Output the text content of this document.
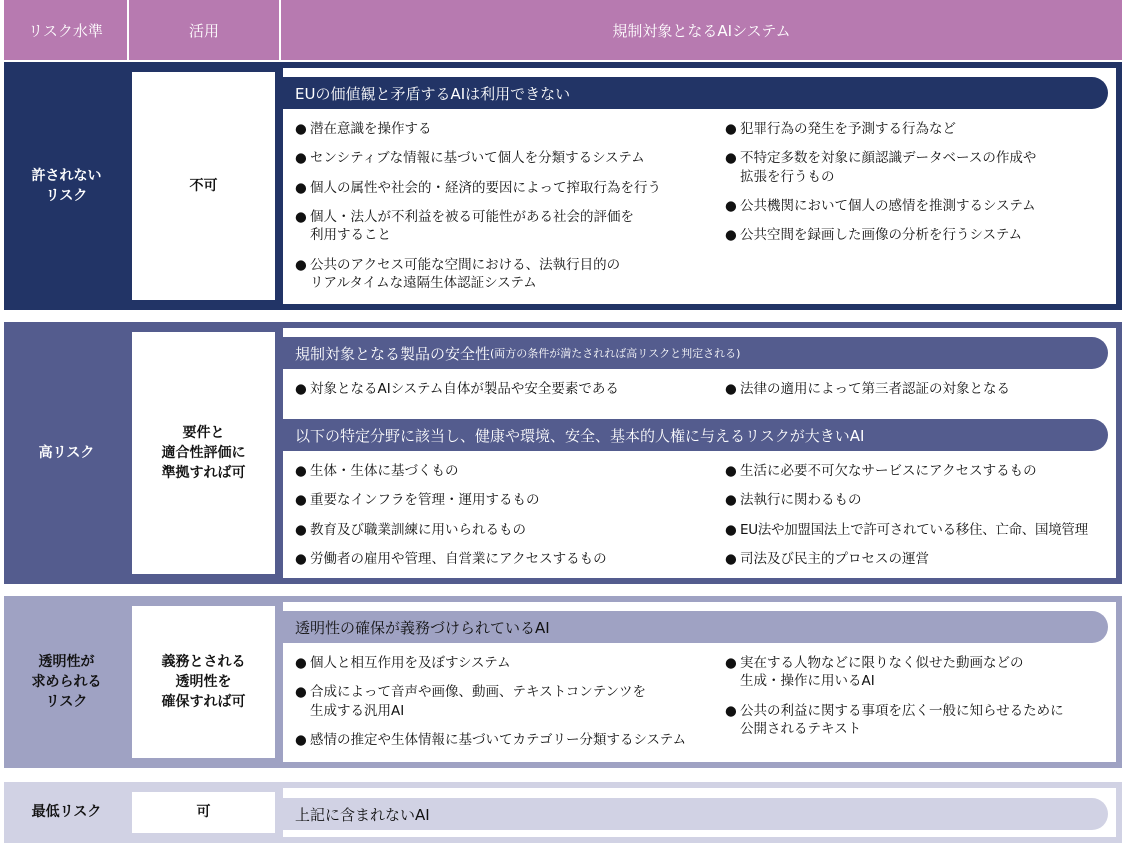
リスク水準	活用	規制対象となるAIシステム
許されない
リスク
不可
EUの価値観と矛盾するAIは利用できない
● 潜在意識を操作する
● センシティブな情報に基づいて個人を分類するシステム
● 個人の属性や社会的・経済的要因によって搾取行為を行う
● 個人・法人が不利益を被る可能性がある社会的評価を
利用すること
● 公共のアクセス可能な空間における、法執行目的の
リアルタイムな遠隔生体認証システム
● 犯罪行為の発生を予測する行為など
● 不特定多数を対象に顔認識データベースの作成や
拡張を行うもの
● 公共機関において個人の感情を推測するシステム
● 公共空間を録画した画像の分析を行うシステム
高リスク
要件と
適合性評価に
準拠すれば可
規制対象となる製品の安全性 (両方の条件が満たされれば高リスクと判定される)
● 対象となるAIシステム自体が製品や安全要素である
●	法律の適用によって第三者認証の対象となる
以下の特定分野に該当し、健康や環境、安全、基本的人権に与えるリスクが大きいAI
● 生体・生体に基づくもの
● 重要なインフラを管理・運用するもの
● 教育及び職業訓練に用いられるもの
● 労働者の雇用や管理、自営業にアクセスするもの
● 生活に必要不可欠なサービスにアクセスするもの
● 法執行に関わるもの
● EU法や加盟国法上で許可されている移住、亡命、国境管理
● 司法及び民主的プロセスの運営
透明性が
求められる
リスク
義務とされる
透明性を
確保すれば可
透明性の確保が義務づけられているAI
● 個人と相互作用を及ぼすシステム
● 合成によって音声や画像、動画、テキストコンテンツを
生成する汎用AI
● 感情の推定や生体情報に基づいてカテゴリー分類するシステム
● 実在する人物などに限りなく似せた動画などの
生成・操作に用いるAI
● 公共の利益に関する事項を広く一般に知らせるために
公開されるテキスト
最低リスク	可	上記に含まれないAI
